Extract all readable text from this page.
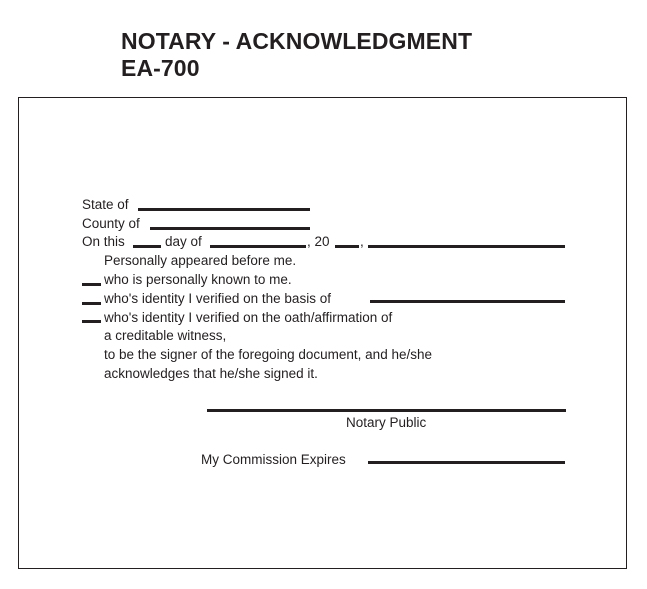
NOTARY - ACKNOWLEDGMENT
EA-700
State of
County of
On this	day of	, 20 ,
Personally appeared before me.
who is personally known to me.
who's identity I verified on the basis of
who's identity I verified on the oath/affirmation of
a creditable witness,
to be the signer of the foregoing document, and he/she
acknowledges that he/she signed it.
Notary Public
My Commission Expires
